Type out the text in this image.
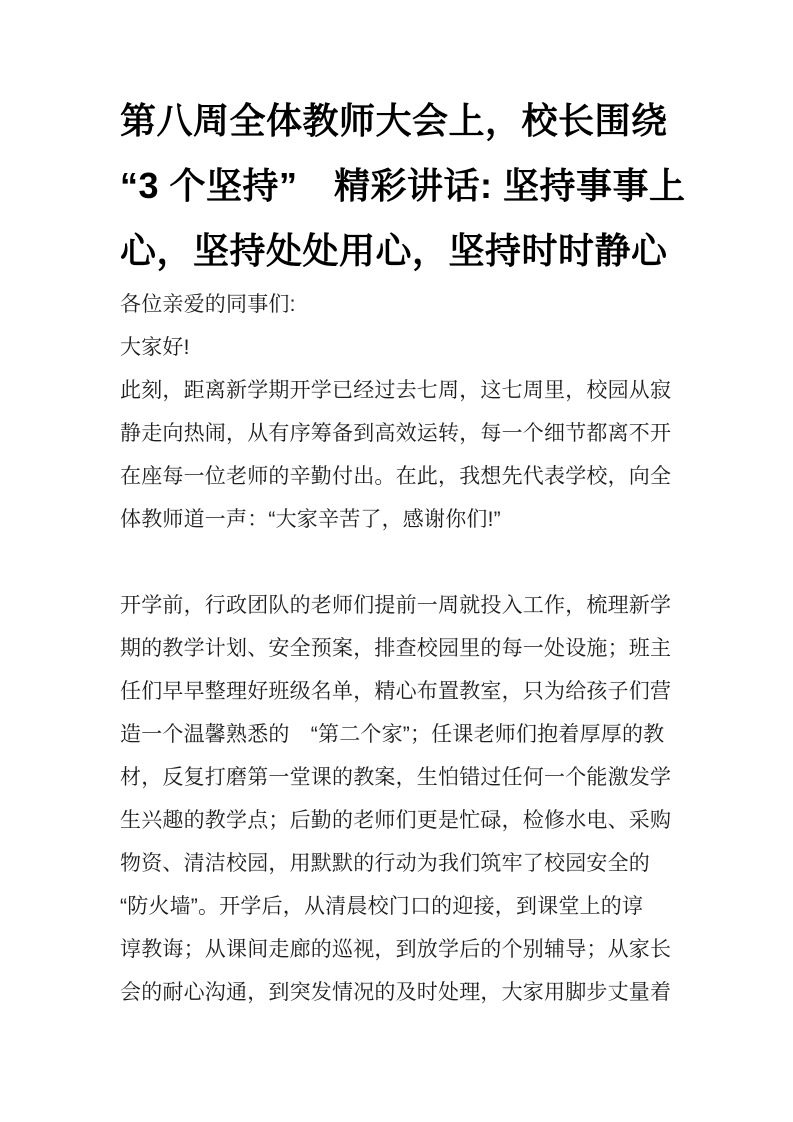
第八周全体教师大会上，校长围绕
“3 个坚持”　精彩讲话: 坚持事事上
心，坚持处处用心，坚持时时静心
各位亲爱的同事们:
大家好!
此刻，距离新学期开学已经过去七周，这七周里，校园从寂
静走向热闹，从有序筹备到高效运转，每一个细节都离不开
在座每一位老师的辛勤付出。在此，我想先代表学校，向全
体教师道一声：“大家辛苦了，感谢你们!”
开学前，行政团队的老师们提前一周就投入工作，梳理新学
期的教学计划、安全预案，排查校园里的每一处设施；班主
任们早早整理好班级名单，精心布置教室，只为给孩子们营
造一个温馨熟悉的　“第二个家”；任课老师们抱着厚厚的教
材，反复打磨第一堂课的教案，生怕错过任何一个能激发学
生兴趣的教学点；后勤的老师们更是忙碌，检修水电、采购
物资、清洁校园，用默默的行动为我们筑牢了校园安全的
“防火墙”。开学后，从清晨校门口的迎接，到课堂上的谆
谆教诲；从课间走廊的巡视，到放学后的个别辅导；从家长
会的耐心沟通，到突发情况的及时处理，大家用脚步丈量着
